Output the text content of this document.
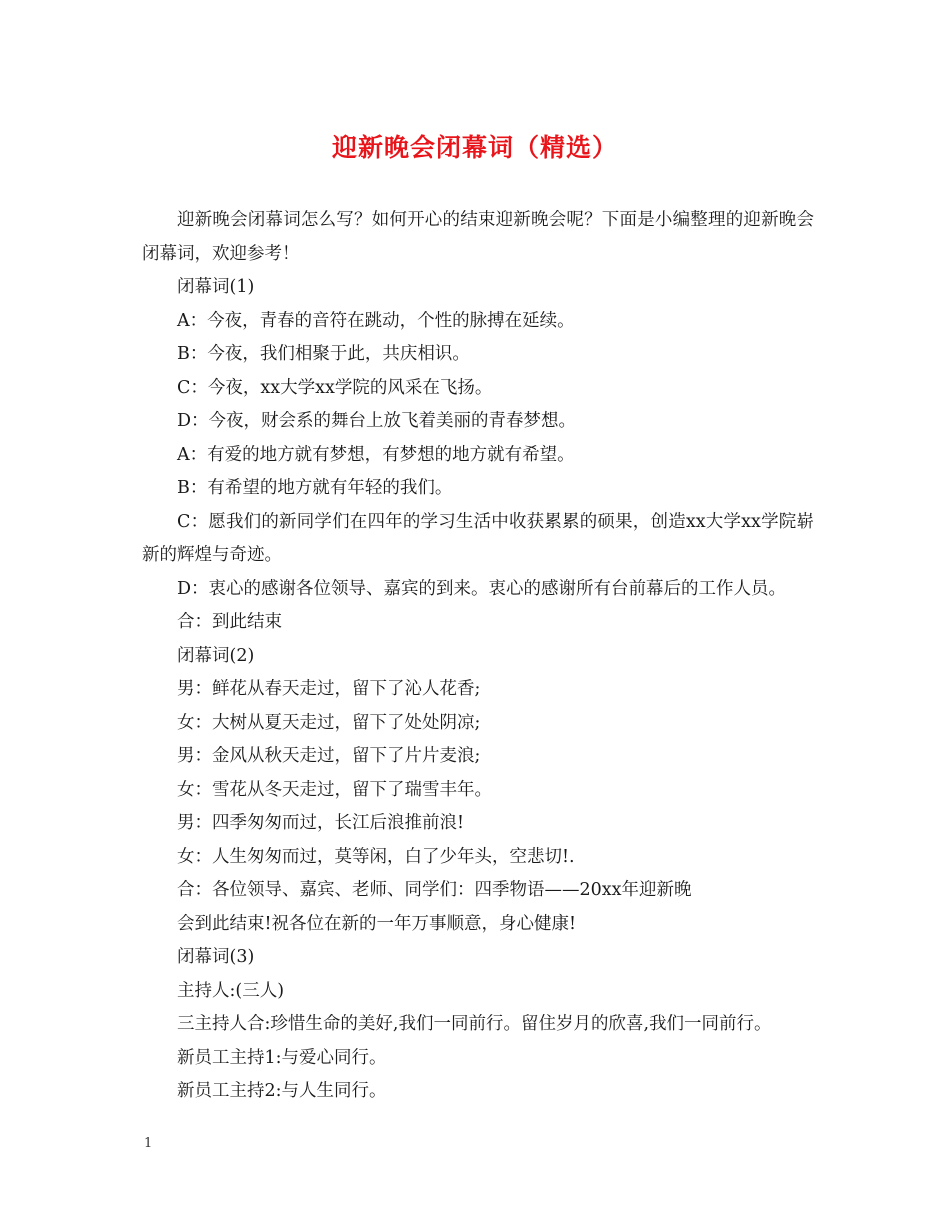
迎新晚会闭幕词（精选）

迎新晚会闭幕词怎么写？如何开心的结束迎新晚会呢？下面是小编整理的迎新晚会闭幕词，欢迎参考！

闭幕词(1)

A：今夜，青春的音符在跳动，个性的脉搏在延续。

B：今夜，我们相聚于此，共庆相识。

C：今夜，xx大学xx学院的风采在飞扬。

D：今夜，财会系的舞台上放飞着美丽的青春梦想。

A：有爱的地方就有梦想，有梦想的地方就有希望。

B：有希望的地方就有年轻的我们。

C：愿我们的新同学们在四年的学习生活中收获累累的硕果，创造xx大学xx学院崭新的辉煌与奇迹。

D：衷心的感谢各位领导、嘉宾的到来。衷心的感谢所有台前幕后的工作人员。

合：到此结束

闭幕词(2)

男：鲜花从春天走过，留下了沁人花香;

女：大树从夏天走过，留下了处处阴凉;

男：金风从秋天走过，留下了片片麦浪;

女：雪花从冬天走过，留下了瑞雪丰年。

男：四季匆匆而过，长江后浪推前浪!

女：人生匆匆而过，莫等闲，白了少年头，空悲切!.

合：各位领导、嘉宾、老师、同学们：四季物语——20xx年迎新晚

会到此结束!祝各位在新的一年万事顺意，身心健康!

闭幕词(3)

主持人:(三人)

三主持人合:珍惜生命的美好,我们一同前行。留住岁月的欣喜,我们一同前行。

新员工主持1:与爱心同行。

新员工主持2:与人生同行。

1
